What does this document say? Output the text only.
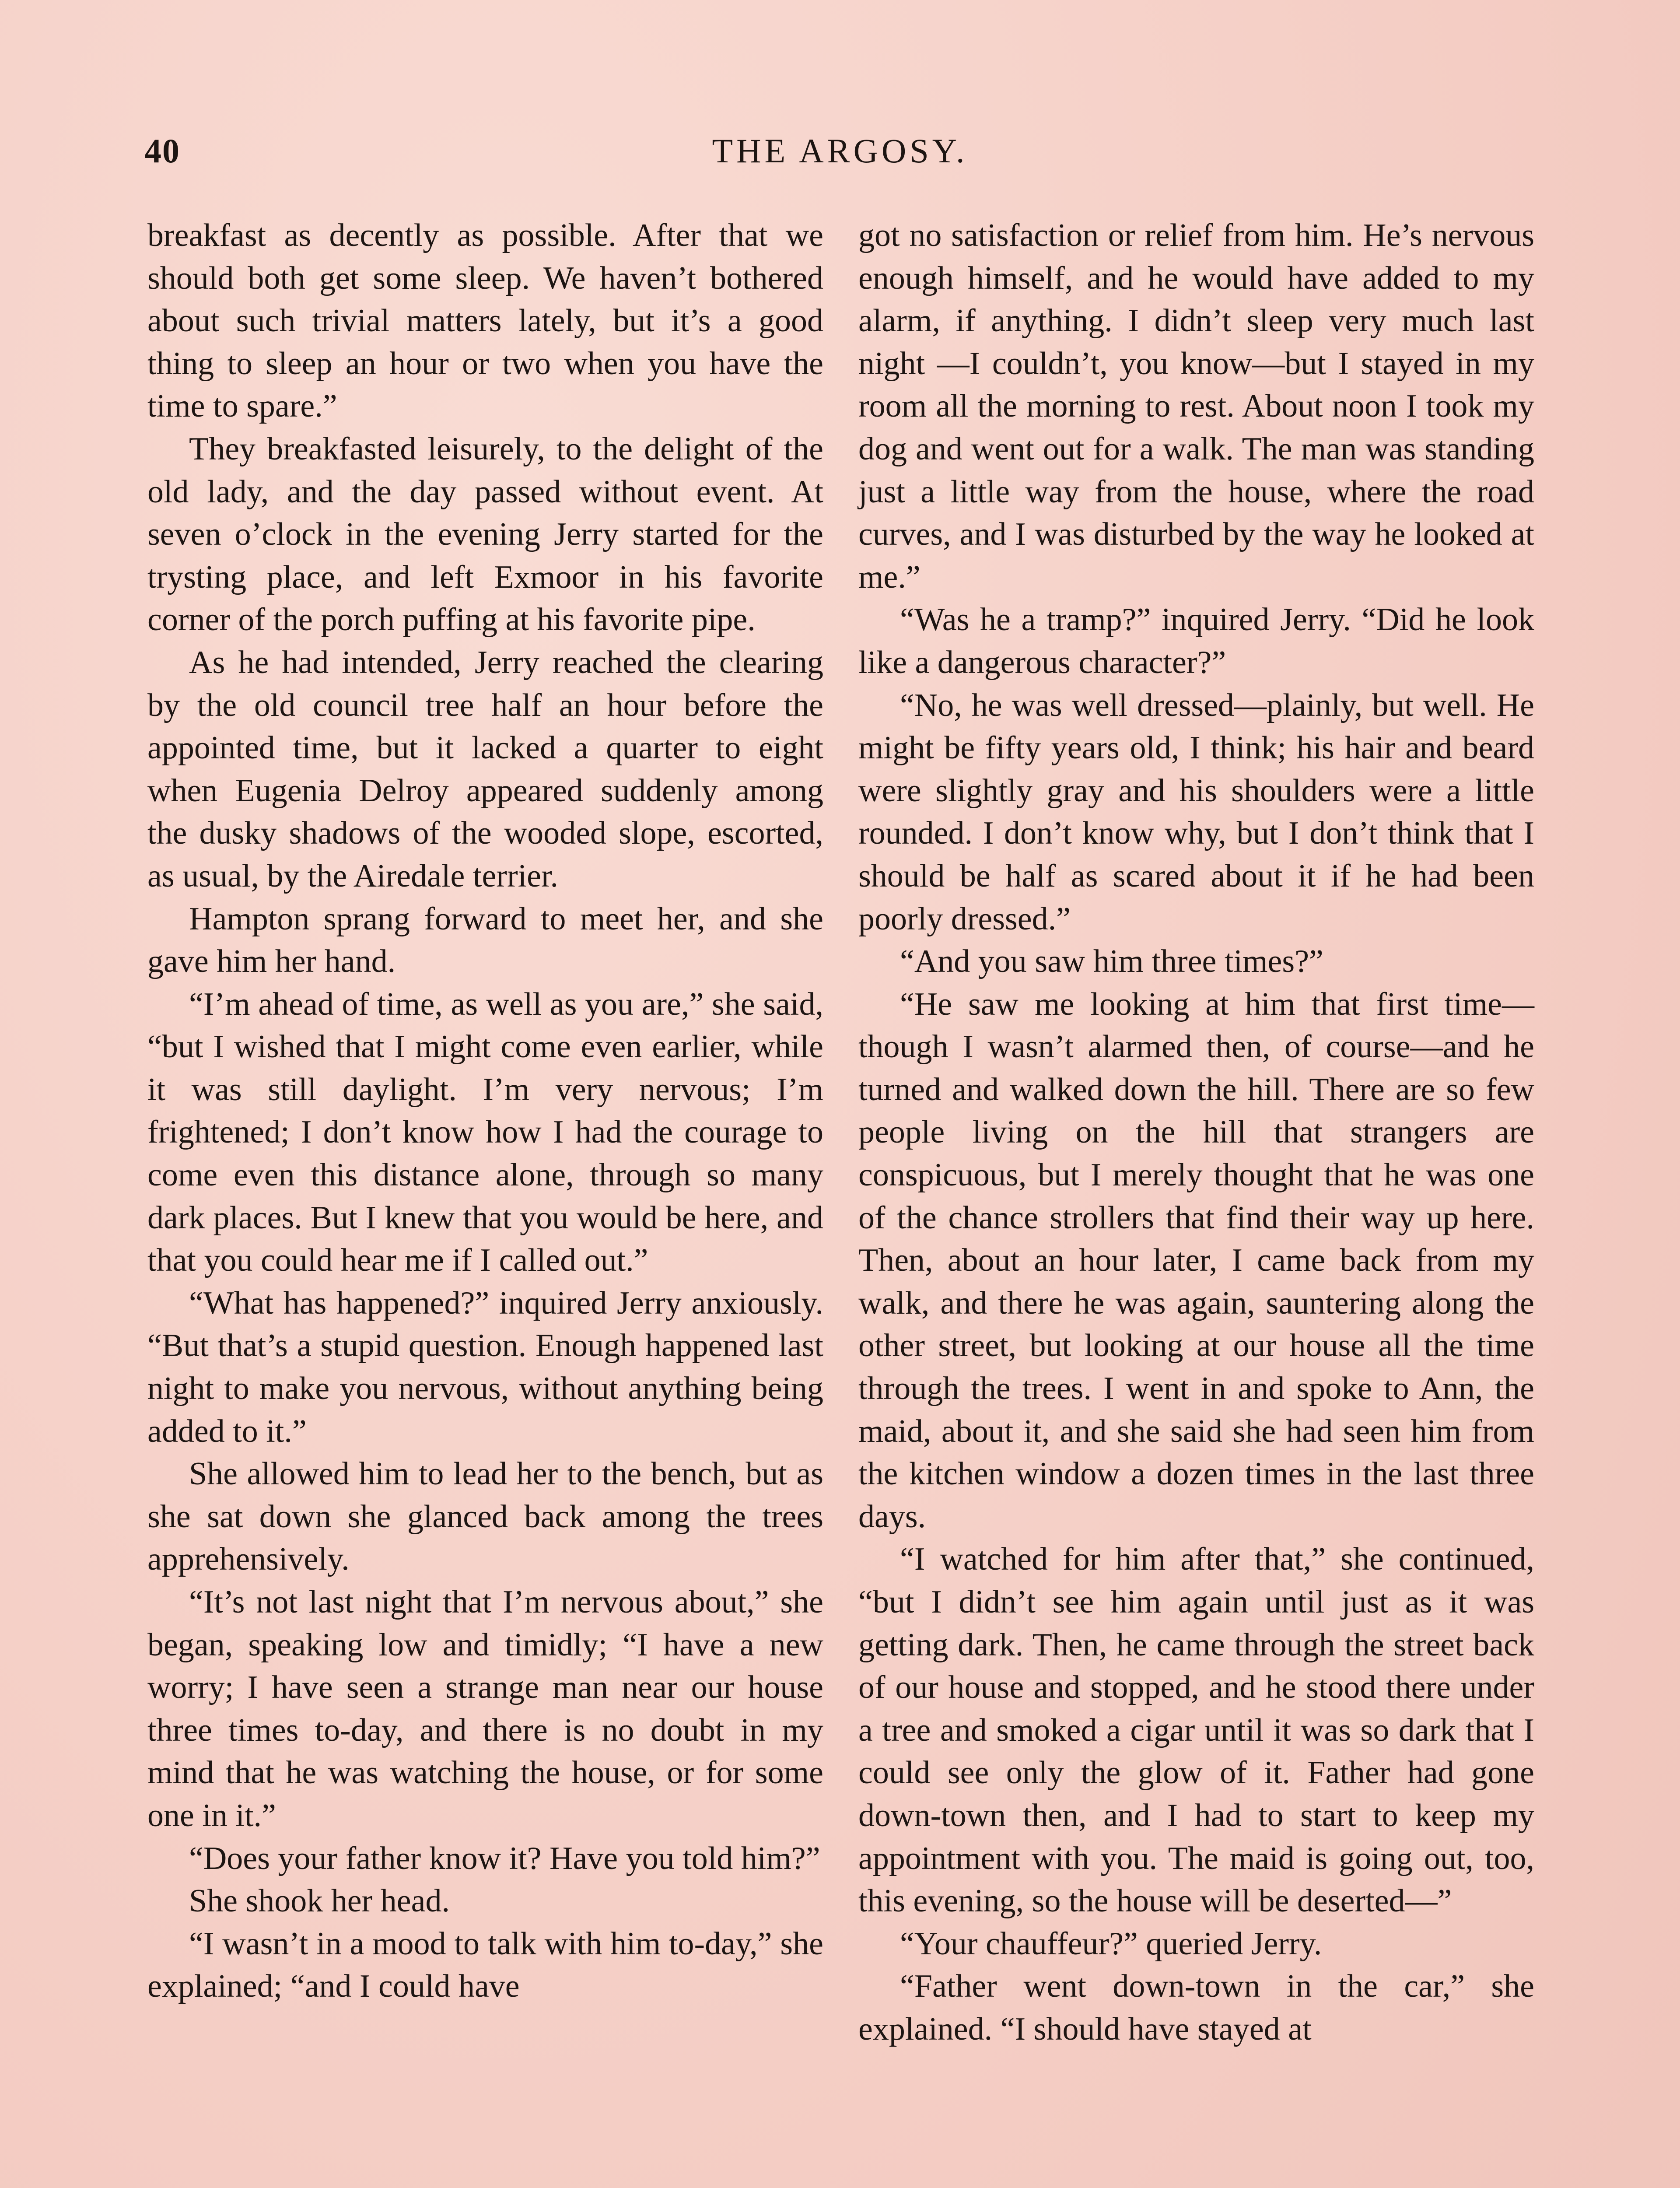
40	THE ARGOSY.

breakfast as decently as possible. After that we should both get some sleep. We haven’t bothered about such trivial matters lately, but it’s a good thing to sleep an hour or two when you have the time to spare.”

They breakfasted leisurely, to the delight of the old lady, and the day passed without event. At seven o’clock in the evening Jerry started for the trysting place, and left Exmoor in his favorite corner of the porch puffing at his favorite pipe.

As he had intended, Jerry reached the clearing by the old council tree half an hour before the appointed time, but it lacked a quarter to eight when Eugenia Delroy appeared suddenly among the dusky shadows of the wooded slope, escorted, as usual, by the Airedale terrier.

Hampton sprang forward to meet her, and she gave him her hand.

“I’m ahead of time, as well as you are,” she said, “but I wished that I might come even earlier, while it was still daylight. I’m very nervous; I’m frightened; I don’t know how I had the courage to come even this distance alone, through so many dark places. But I knew that you would be here, and that you could hear me if I called out.”

“What has happened?” inquired Jerry anxiously. “But that’s a stupid question. Enough happened last night to make you nervous, without anything being added to it.”

She allowed him to lead her to the bench, but as she sat down she glanced back among the trees apprehensively.

“It’s not last night that I’m nervous about,” she began, speaking low and timidly; “I have a new worry; I have seen a strange man near our house three times to-day, and there is no doubt in my mind that he was watching the house, or for some one in it.”

“Does your father know it? Have you told him?”

She shook her head.

“I wasn’t in a mood to talk with him to-day,” she explained; “and I could have

got no satisfaction or relief from him. He’s nervous enough himself, and he would have added to my alarm, if anything. I didn’t sleep very much last night —I couldn’t, you know—but I stayed in my room all the morning to rest. About noon I took my dog and went out for a walk. The man was standing just a little way from the house, where the road curves, and I was disturbed by the way he looked at me.”

“Was he a tramp?” inquired Jerry. “Did he look like a dangerous character?”

“No, he was well dressed—plainly, but well. He might be fifty years old, I think; his hair and beard were slightly gray and his shoulders were a little rounded. I don’t know why, but I don’t think that I should be half as scared about it if he had been poorly dressed.”

“And you saw him three times?”

“He saw me looking at him that first time—though I wasn’t alarmed then, of course—and he turned and walked down the hill. There are so few people living on the hill that strangers are conspicuous, but I merely thought that he was one of the chance strollers that find their way up here. Then, about an hour later, I came back from my walk, and there he was again, sauntering along the other street, but looking at our house all the time through the trees. I went in and spoke to Ann, the maid, about it, and she said she had seen him from the kitchen window a dozen times in the last three days.

“I watched for him after that,” she continued, “but I didn’t see him again until just as it was getting dark. Then, he came through the street back of our house and stopped, and he stood there under a tree and smoked a cigar until it was so dark that I could see only the glow of it. Father had gone down-town then, and I had to start to keep my appointment with you. The maid is going out, too, this evening, so the house will be deserted—”

“Your chauffeur?” queried Jerry.

“Father went down-town in the car,” she explained. “I should have stayed at
